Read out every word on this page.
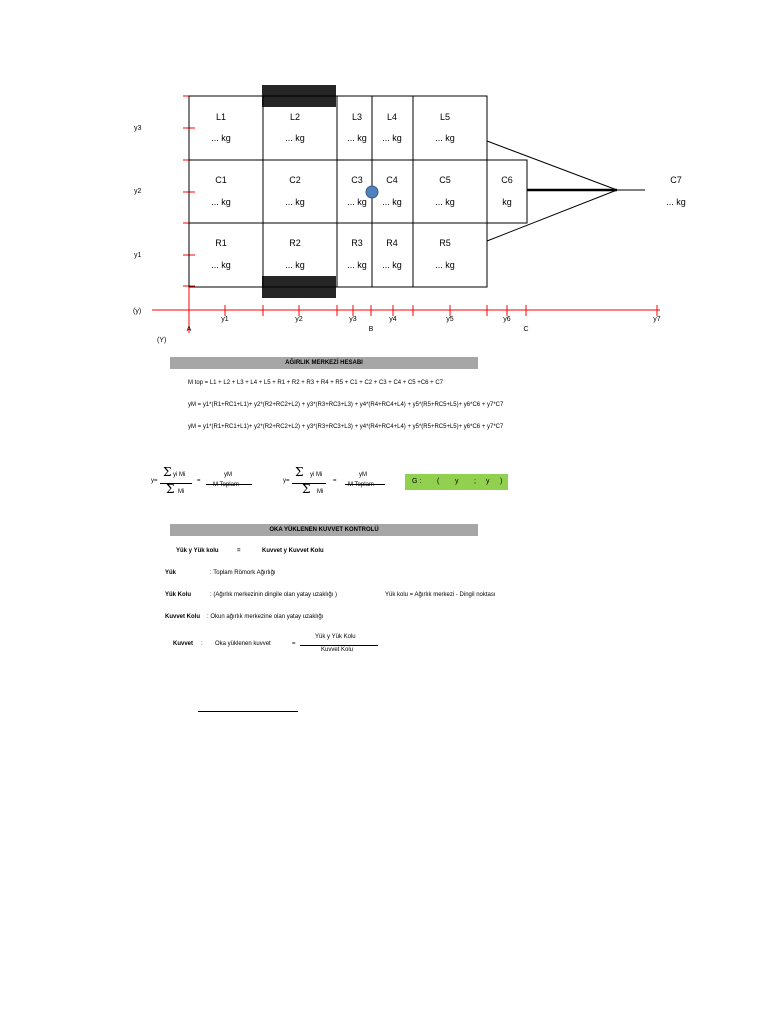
L1
... kg
L2
... kg
L3
... kg
L4
... kg
L5
... kg
C1
... kg
C2
... kg
C3
... kg
C4
... kg
C5
... kg
C6
kg
C7
... kg
R1
... kg
R2
... kg
R3
... kg
R4
... kg
R5
... kg
y3
y2
y1
(y)
(Y)
y1	y2	y3	y4	y5	y6	y7
A	B	C
AĞIRLIK MERKEZİ HESABI
M top = L1 + L2 + L3 + L4 + L5 + R1 + R2 + R3 + R4 + R5 + C1 + C2 + C3 + C4 + C5 +C6 + C7
yM = y1*(R1+RC1+L1)+ y2*(R2+RC2+L2) + y3*(R3+RC3+L3) + y4*(R4+RC4+L4) + y5*(R5+RC5+L5)+ y6*C6 + y7*C7
yM = y1*(R1+RC1+L1)+ y2*(R2+RC2+L2) + y3*(R3+RC3+L3) + y4*(R4+RC4+L4) + y5*(R5+RC5+L5)+ y6*C6 + y7*C7
y=
Σ yi Mi
Σ Mi
=
yM
M Toplam
y=
Σ yi Mi
Σ Mi
=
yM
M Toplam	G : ( y ; y )
OKA YÜKLENEN KUVVET KONTROLÜ
Yük y Yük kolu	=	Kuvvet y Kuvvet Kolu
Yük	: Toplam Römork Ağırlığı
Yük Kolu	: (Ağırlık merkezinin dingile olan yatay uzaklığı )	Yük kolu = Ağırlık merkezi - Dingil noktası
Kuvvet Kolu : Okun ağırlık merkezine olan yatay uzaklığı
Kuvvet : Oka yüklenen kuvvet	=
Yük y Yük Kolu
Kuvvet Kolu
